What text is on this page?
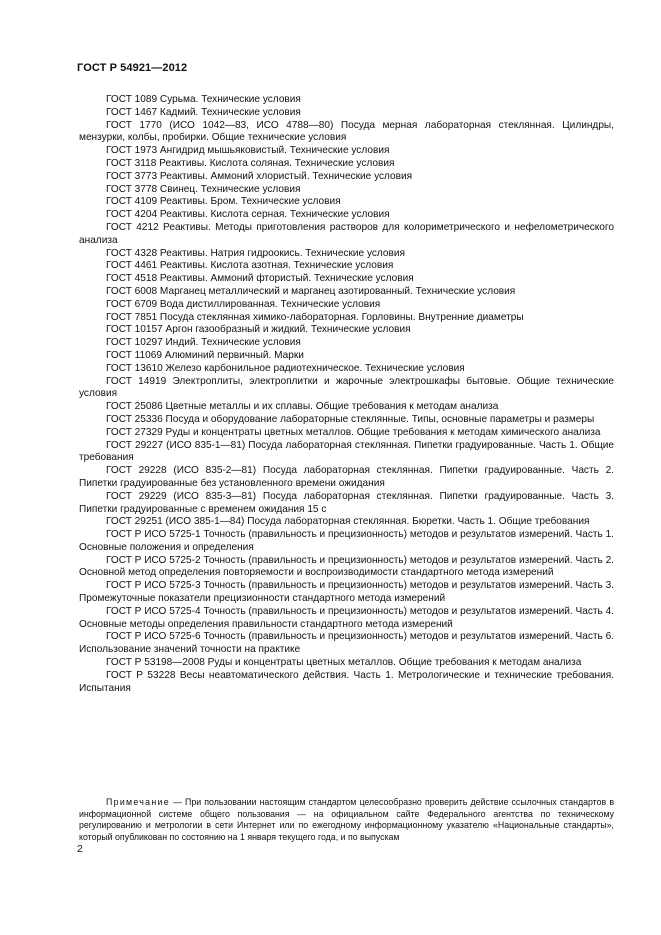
ГОСТ Р 54921—2012

ГОСТ 1089 Сурьма. Технические условия

ГОСТ 1467 Кадмий. Технические условия

ГОСТ 1770 (ИСО 1042—83, ИСО 4788—80) Посуда мерная лабораторная стеклянная. Цилиндры, мензурки, колбы, пробирки. Общие технические условия

ГОСТ 1973 Ангидрид мышьяковистый. Технические условия

ГОСТ 3118 Реактивы. Кислота соляная. Технические условия

ГОСТ 3773 Реактивы. Аммоний хлористый. Технические условия

ГОСТ 3778 Свинец. Технические условия

ГОСТ 4109 Реактивы. Бром. Технические условия

ГОСТ 4204 Реактивы. Кислота серная. Технические условия

ГОСТ 4212 Реактивы. Методы приготовления растворов для колориметрического и нефелометрического анализа

ГОСТ 4328 Реактивы. Натрия гидроокись. Технические условия

ГОСТ 4461 Реактивы. Кислота азотная. Технические условия

ГОСТ 4518 Реактивы. Аммоний фтористый. Технические условия

ГОСТ 6008 Марганец металлический и марганец азотированный. Технические условия

ГОСТ 6709 Вода дистиллированная. Технические условия

ГОСТ 7851 Посуда стеклянная химико-лабораторная. Горловины. Внутренние диаметры

ГОСТ 10157 Аргон газообразный и жидкий. Технические условия

ГОСТ 10297 Индий. Технические условия

ГОСТ 11069 Алюминий первичный. Марки

ГОСТ 13610 Железо карбонильное радиотехническое. Технические условия

ГОСТ 14919 Электроплиты, электроплитки и жарочные электрошкафы бытовые. Общие технические условия

ГОСТ 25086 Цветные металлы и их сплавы. Общие требования к методам анализа

ГОСТ 25336 Посуда и оборудование лабораторные стеклянные. Типы, основные параметры и размеры

ГОСТ 27329 Руды и концентраты цветных металлов. Общие требования к методам химического анализа

ГОСТ 29227 (ИСО 835-1—81) Посуда лабораторная стеклянная. Пипетки градуированные. Часть 1. Общие требования

ГОСТ 29228 (ИСО 835-2—81) Посуда лабораторная стеклянная. Пипетки градуированные. Часть 2. Пипетки градуированные без установленного времени ожидания

ГОСТ 29229 (ИСО 835-3—81) Посуда лабораторная стеклянная. Пипетки градуированные. Часть 3. Пипетки градуированные с временем ожидания 15 с

ГОСТ 29251 (ИСО 385-1—84) Посуда лабораторная стеклянная. Бюретки. Часть 1. Общие требования

ГОСТ Р ИСО 5725-1 Точность (правильность и прецизионность) методов и результатов измерений. Часть 1. Основные положения и определения

ГОСТ Р ИСО 5725-2 Точность (правильность и прецизионность) методов и результатов измерений. Часть 2. Основной метод определения повторяемости и воспроизводимости стандартного метода измерений

ГОСТ Р ИСО 5725-3 Точность (правильность и прецизионность) методов и результатов измерений. Часть 3. Промежуточные показатели прецизионности стандартного метода измерений

ГОСТ Р ИСО 5725-4 Точность (правильность и прецизионность) методов и результатов измерений. Часть 4. Основные методы определения правильности стандартного метода измерений

ГОСТ Р ИСО 5725-6 Точность (правильность и прецизионность) методов и результатов измерений. Часть 6. Использование значений точности на практике

ГОСТ Р 53198—2008 Руды и концентраты цветных металлов. Общие требования к методам анализа

ГОСТ Р 53228 Весы неавтоматического действия. Часть 1. Метрологические и технические требования. Испытания

Примечание — При пользовании настоящим стандартом целесообразно проверить действие ссылочных стандартов в информационной системе общего пользования — на официальном сайте Федерального агентства по техническому регулированию и метрологии в сети Интернет или по ежегодному информационному указателю «Национальные стандарты», который опубликован по состоянию на 1 января текущего года, и по выпускам

2
